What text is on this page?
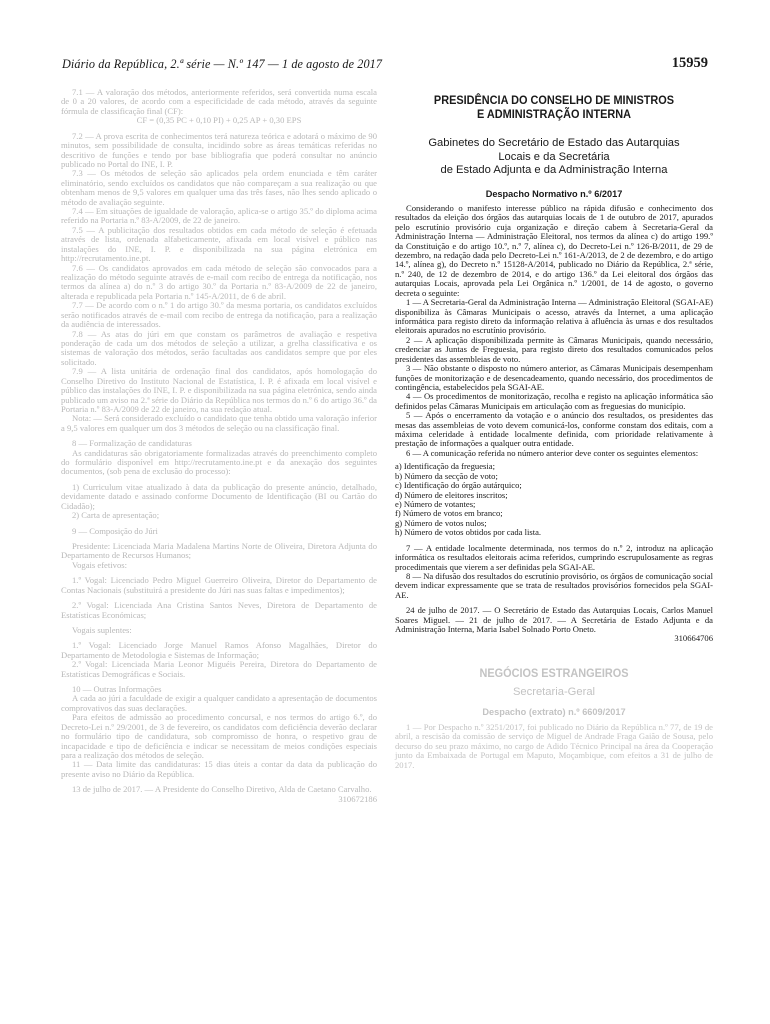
Diário da República, 2.ª série — N.º 147 — 1 de agosto de 2017	15959

7.1 — A valoração dos métodos, anteriormente referidos, será convertida numa escala de 0 a 20 valores, de acordo com a especificidade de cada método, através da seguinte fórmula de classificação final (CF):

CF = (0,35 PC + 0,10 PI) + 0,25 AP + 0,30 EPS

7.2 — A prova escrita de conhecimentos terá natureza teórica e adotará o máximo de 90 minutos, sem possibilidade de consulta, incidindo sobre as áreas temáticas referidas no descritivo de funções e tendo por base bibliografia que poderá consultar no anúncio publicado no Portal do INE, I. P.

7.3 — Os métodos de seleção são aplicados pela ordem enunciada e têm caráter eliminatório, sendo excluídos os candidatos que não compareçam a sua realização ou que obtenham menos de 9,5 valores em qualquer uma das três fases, não lhes sendo aplicado o método de avaliação seguinte.

7.4 — Em situações de igualdade de valoração, aplica-se o artigo 35.º do diploma acima referido na Portaria n.º 83-A/2009, de 22 de janeiro.

7.5 — A publicitação dos resultados obtidos em cada método de seleção é efetuada através de lista, ordenada alfabeticamente, afixada em local visível e público nas instalações do INE, I. P. e disponibilizada na sua página eletrónica em http://recrutamento.ine.pt.

7.6 — Os candidatos aprovados em cada método de seleção são convocados para a realização do método seguinte através de e-mail com recibo de entrega da notificação, nos termos da alínea a) do n.º 3 do artigo 30.º da Portaria n.º 83-A/2009 de 22 de janeiro, alterada e republicada pela Portaria n.º 145-A/2011, de 6 de abril.

7.7 — De acordo com o n.º 1 do artigo 30.º da mesma portaria, os candidatos excluídos serão notificados através de e-mail com recibo de entrega da notificação, para a realização da audiência de interessados.

7.8 — As atas do júri em que constam os parâmetros de avaliação e respetiva ponderação de cada um dos métodos de seleção a utilizar, a grelha classificativa e os sistemas de valoração dos métodos, serão facultadas aos candidatos sempre que por eles solicitado.

7.9 — A lista unitária de ordenação final dos candidatos, após homologação do Conselho Diretivo do Instituto Nacional de Estatística, I. P. é afixada em local visível e público das instalações do INE, I. P. e disponibilizada na sua página eletrónica, sendo ainda publicado um aviso na 2.ª série do Diário da República nos termos do n.º 6 do artigo 36.º da Portaria n.º 83-A/2009 de 22 de janeiro, na sua redação atual.

Nota: — Será considerado excluído o candidato que tenha obtido uma valoração inferior a 9,5 valores em qualquer um dos 3 métodos de seleção ou na classificação final.

8 — Formalização de candidaturas

As candidaturas são obrigatoriamente formalizadas através do preenchimento completo do formulário disponível em http://recrutamento.ine.pt e da anexação dos seguintes documentos, (sob pena de exclusão do processo):

1) Curriculum vitae atualizado à data da publicação do presente anúncio, detalhado, devidamente datado e assinado conforme Documento de Identificação (BI ou Cartão do Cidadão);

2) Carta de apresentação;

9 — Composição do Júri

Presidente: Licenciada Maria Madalena Martins Norte de Oliveira, Diretora Adjunta do Departamento de Recursos Humanos;

Vogais efetivos:

1.º Vogal: Licenciado Pedro Miguel Guerreiro Oliveira, Diretor do Departamento de Contas Nacionais (substituirá a presidente do Júri nas suas faltas e impedimentos);

2.º Vogal: Licenciada Ana Cristina Santos Neves, Diretora de Departamento de Estatísticas Económicas;

Vogais suplentes:

1.º Vogal: Licenciado Jorge Manuel Ramos Afonso Magalhães, Diretor do Departamento de Metodologia e Sistemas de Informação;

2.º Vogal: Licenciada Maria Leonor Miguéis Pereira, Diretora do Departamento de Estatísticas Demográficas e Sociais.

10 — Outras Informações

A cada ao júri a faculdade de exigir a qualquer candidato a apresentação de documentos comprovativos das suas declarações.

Para efeitos de admissão ao procedimento concursal, e nos termos do artigo 6.º, do Decreto-Lei n.º 29/2001, de 3 de fevereiro, os candidatos com deficiência deverão declarar no formulário tipo de candidatura, sob compromisso de honra, o respetivo grau de incapacidade e tipo de deficiência e indicar se necessitam de meios condições especiais para a realização dos métodos de seleção.

11 — Data limite das candidaturas: 15 dias úteis a contar da data da publicação do presente aviso no Diário da República.

13 de julho de 2017. — A Presidente do Conselho Diretivo, Alda de Caetano Carvalho.

310672186

PRESIDÊNCIA DO CONSELHO DE MINISTROS
E ADMINISTRAÇÃO INTERNA
Gabinetes do Secretário de Estado das Autarquias
Locais e da Secretária
de Estado Adjunta e da Administração Interna
Despacho Normativo n.º 6/2017

Considerando o manifesto interesse público na rápida difusão e conhecimento dos resultados da eleição dos órgãos das autarquias locais de 1 de outubro de 2017, apurados pelo escrutínio provisório cuja organização e direção cabem à Secretaria-Geral da Administração Interna — Administração Eleitoral, nos termos da alínea c) do artigo 199.º da Constituição e do artigo 10.º, n.º 7, alínea c), do Decreto-Lei n.º 126-B/2011, de 29 de dezembro, na redação dada pelo Decreto-Lei n.º 161-A/2013, de 2 de dezembro, e do artigo 14.º, alínea g), do Decreto n.º 15128-A/2014, publicado no Diário da República, 2.ª série, n.º 240, de 12 de dezembro de 2014, e do artigo 136.º da Lei eleitoral dos órgãos das autarquias Locais, aprovada pela Lei Orgânica n.º 1/2001, de 14 de agosto, o governo decreta o seguinte:

1 — A Secretaria-Geral da Administração Interna — Administração Eleitoral (SGAI-AE) disponibiliza às Câmaras Municipais o acesso, através da Internet, a uma aplicação informática para registo direto da informação relativa à afluência às urnas e dos resultados eleitorais apurados no escrutínio provisório.

2 — A aplicação disponibilizada permite às Câmaras Municipais, quando necessário, credenciar as Juntas de Freguesia, para registo direto dos resultados comunicados pelos presidentes das assembleias de voto.

3 — Não obstante o disposto no número anterior, as Câmaras Municipais desempenham funções de monitorização e de desencadeamento, quando necessário, dos procedimentos de contingência, estabelecidos pela SGAI-AE.

4 — Os procedimentos de monitorização, recolha e registo na aplicação informática são definidos pelas Câmaras Municipais em articulação com as freguesias do município.

5 — Após o encerramento da votação e o anúncio dos resultados, os presidentes das mesas das assembleias de voto devem comunicá-los, conforme constam dos editais, com a máxima celeridade à entidade localmente definida, com prioridade relativamente à prestação de informações a qualquer outra entidade.

6 — A comunicação referida no número anterior deve conter os seguintes elementos:

a) Identificação da freguesia;

b) Número da secção de voto;

c) Identificação do órgão autárquico;

d) Número de eleitores inscritos;

e) Número de votantes;

f) Número de votos em branco;

g) Número de votos nulos;

h) Número de votos obtidos por cada lista.

7 — A entidade localmente determinada, nos termos do n.º 2, introduz na aplicação informática os resultados eleitorais acima referidos, cumprindo escrupulosamente as regras procedimentais que vierem a ser definidas pela SGAI-AE.

8 — Na difusão dos resultados do escrutínio provisório, os órgãos de comunicação social devem indicar expressamente que se trata de resultados provisórios fornecidos pela SGAI-AE.

24 de julho de 2017. — O Secretário de Estado das Autarquias Locais, Carlos Manuel Soares Miguel. — 21 de julho de 2017. — A Secretária de Estado Adjunta e da Administração Interna, Maria Isabel Solnado Porto Oneto.

310664706

NEGÓCIOS ESTRANGEIROS
Secretaria-Geral
Despacho (extrato) n.º 6609/2017

1 — Por Despacho n.º 3251/2017, foi publicado no Diário da República n.º 77, de 19 de abril, a rescisão da comissão de serviço de Miguel de Andrade Fraga Gaião de Sousa, pelo decurso do seu prazo máximo, no cargo de Adido Técnico Principal na área da Cooperação junto da Embaixada de Portugal em Maputo, Moçambique, com efeitos a 31 de julho de 2017.
